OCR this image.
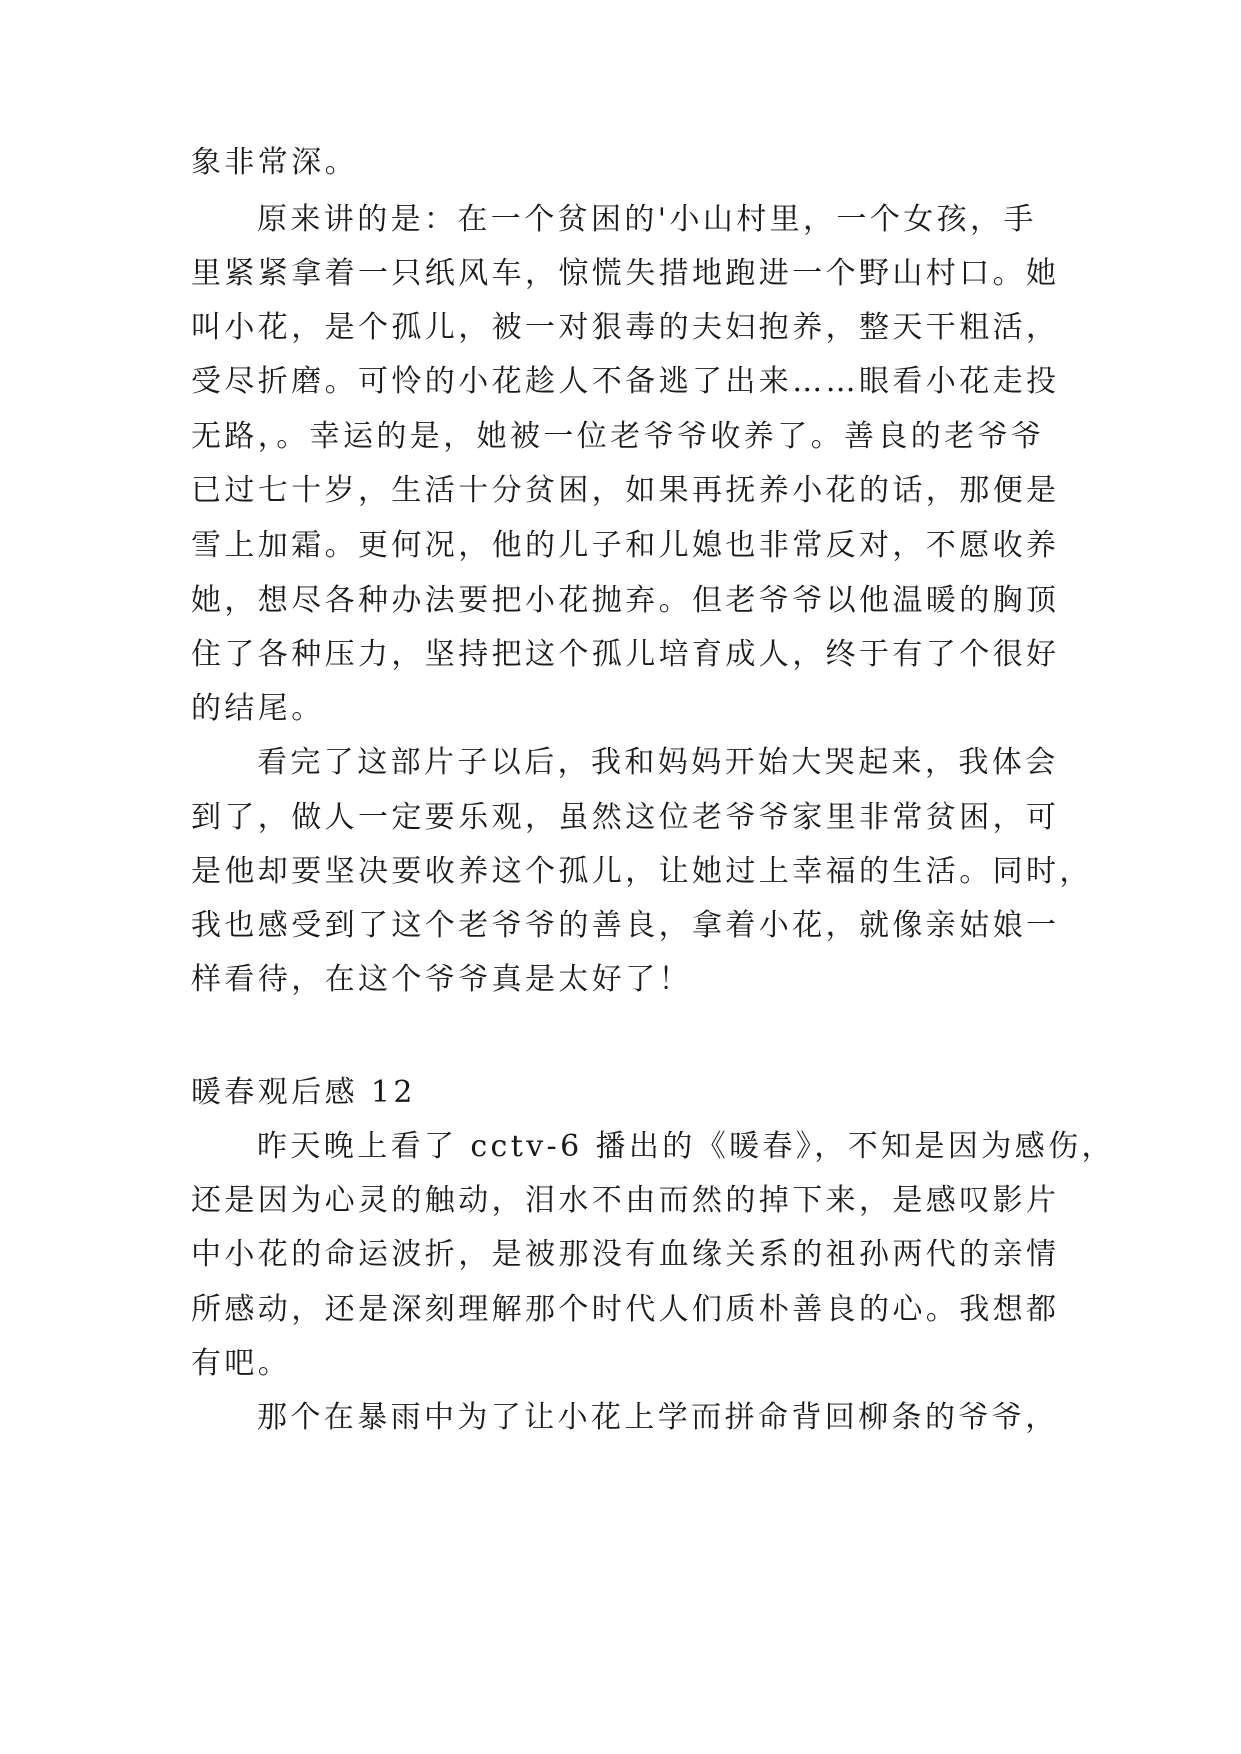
象非常深。
原来讲的是：在一个贫困的'小山村里，一个女孩，手
里紧紧拿着一只纸风车，惊慌失措地跑进一个野山村口。她
叫小花，是个孤儿，被一对狠毒的夫妇抱养，整天干粗活，
受尽折磨。可怜的小花趁人不备逃了出来……眼看小花走投
无路，。幸运的是，她被一位老爷爷收养了。善良的老爷爷
已过七十岁，生活十分贫困，如果再抚养小花的话，那便是
雪上加霜。更何况，他的儿子和儿媳也非常反对，不愿收养
她，想尽各种办法要把小花抛弃。但老爷爷以他温暖的胸顶
住了各种压力，坚持把这个孤儿培育成人，终于有了个很好
的结尾。
看完了这部片子以后，我和妈妈开始大哭起来，我体会
到了，做人一定要乐观，虽然这位老爷爷家里非常贫困，可
是他却要坚决要收养这个孤儿，让她过上幸福的生活。同时，
我也感受到了这个老爷爷的善良，拿着小花，就像亲姑娘一
样看待，在这个爷爷真是太好了！
暖春观后感 12
昨天晚上看了 cctv-6 播出的《暖春》，不知是因为感伤，
还是因为心灵的触动，泪水不由而然的掉下来，是感叹影片
中小花的命运波折，是被那没有血缘关系的祖孙两代的亲情
所感动，还是深刻理解那个时代人们质朴善良的心。我想都
有吧。
那个在暴雨中为了让小花上学而拼命背回柳条的爷爷，
